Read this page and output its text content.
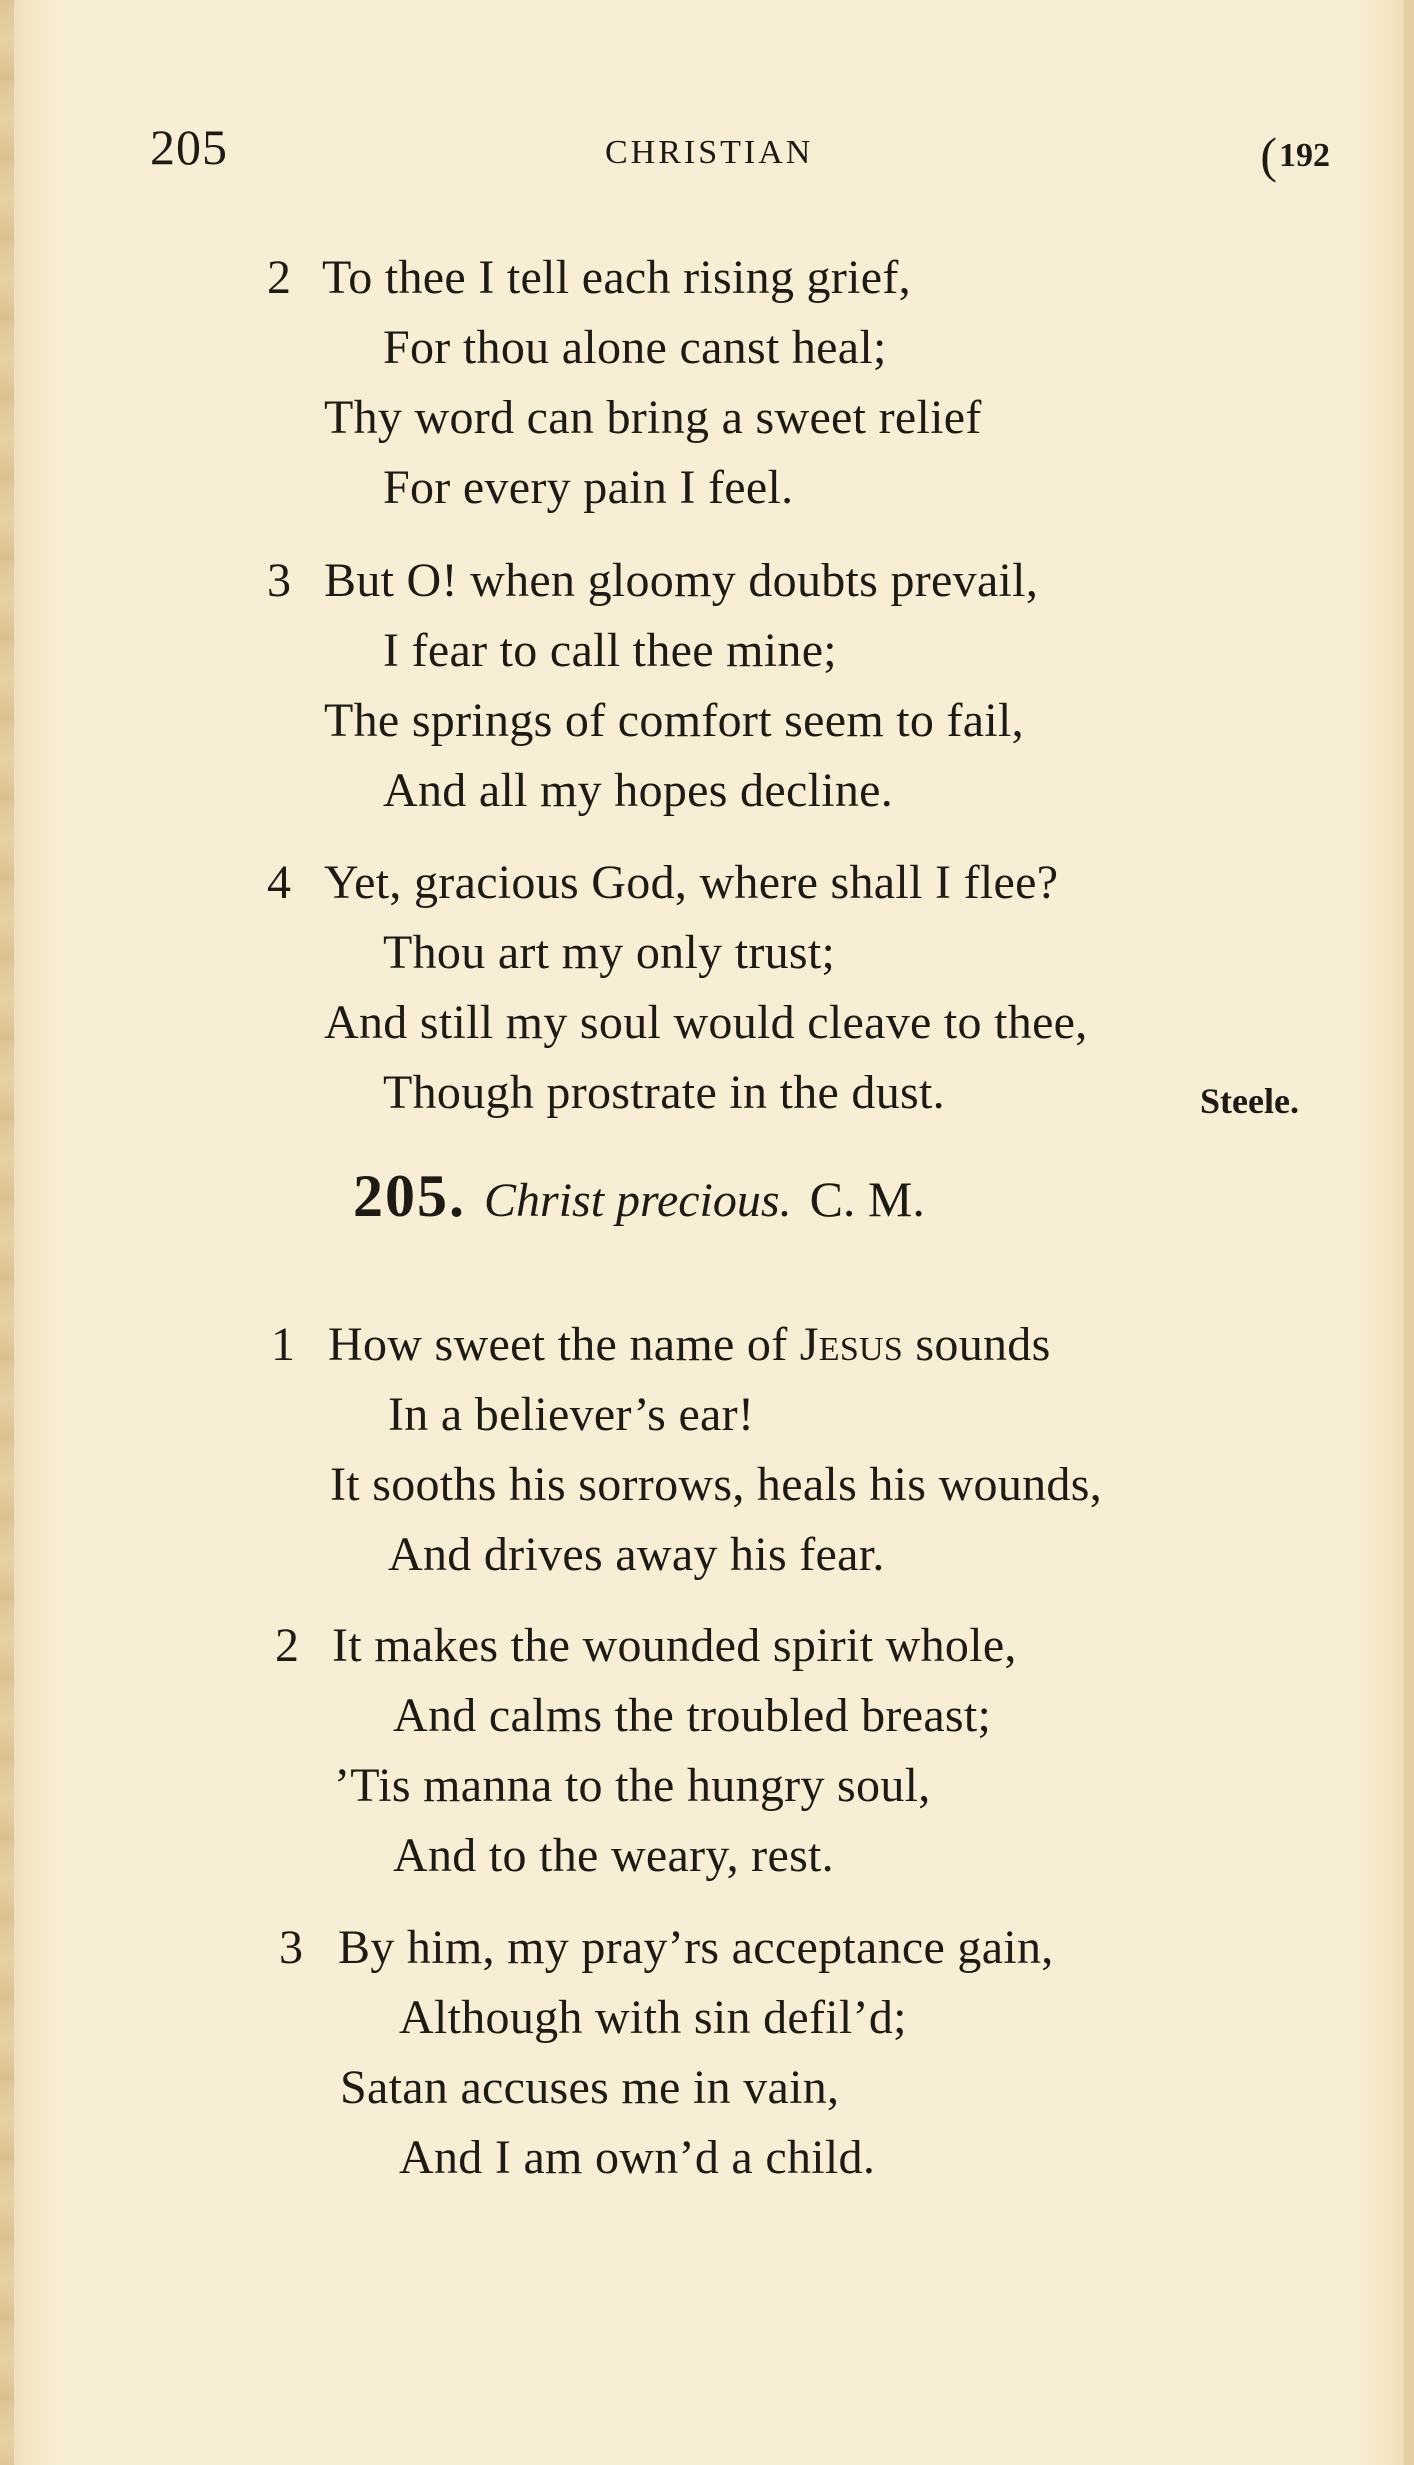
205	CHRISTIAN	(192
2 To thee I tell each rising grief,
For thou alone canst heal;
Thy word can bring a sweet relief
For every pain I feel.
3 But O! when gloomy doubts prevail,
I fear to call thee mine;
The springs of comfort seem to fail,
And all my hopes decline.
4 Yet, gracious God, where shall I flee?
Thou art my only trust;
And still my soul would cleave to thee,
Though prostrate in the dust.	Steele.
205. Christ precious. C. M.
1 How sweet the name of Jesus sounds
In a believer’s ear!
It sooths his sorrows, heals his wounds,
And drives away his fear.
2 It makes the wounded spirit whole,
And calms the troubled breast;
’Tis manna to the hungry soul,
And to the weary, rest.
3 By him, my pray’rs acceptance gain,
Although with sin defil’d;
Satan accuses me in vain,
And I am own’d a child.
